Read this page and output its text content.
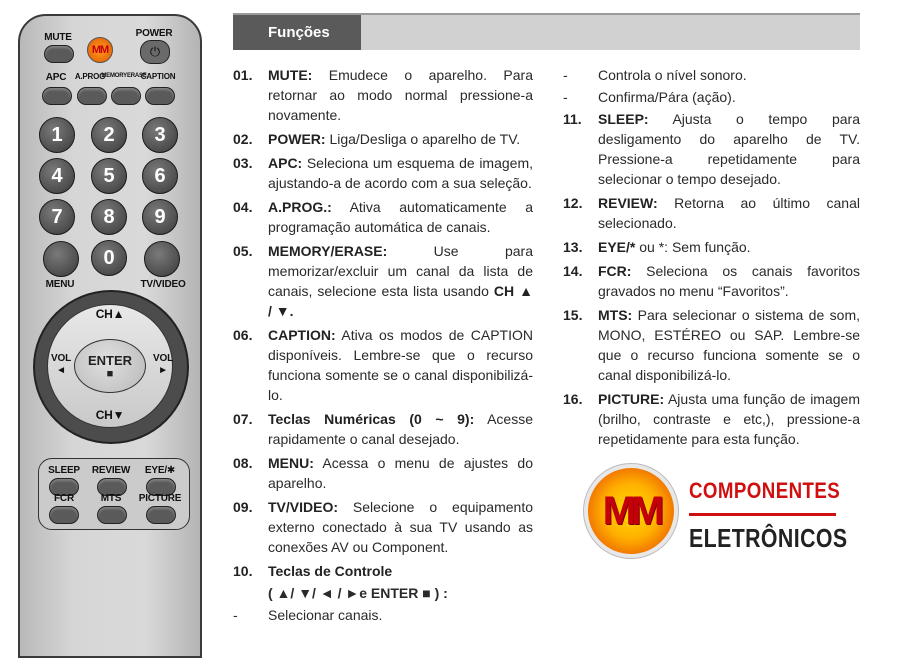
MUTE	POWER
MM	⏻
APC A.PROG
MEMORYERASE
CAPTION
1	2	3
4	5	6
7	8	9
0
MENU	TV/VIDEO
CH▲
CH▼
VOL
◄
VOL
►
ENTER
■
SLEEP REVIEW EYE/✱
FCR	MTS PICTURE
Funções
01.	MUTE: Emudece o aparelho. Para retornar ao modo normal pressione-a novamente.
02.	POWER: Liga/Desliga o aparelho de TV.
03.	APC: Seleciona um esquema de imagem, ajustando-a de acordo com a sua seleção.
04.	A.PROG.: Ativa automaticamente a programação automática de canais.
05.	MEMORY/ERASE: Use para memorizar/excluir um canal da lista de canais, selecione esta lista usando CH ▲ / ▼.
06.	CAPTION: Ativa os modos de CAPTION disponíveis. Lembre-se que o recurso funciona somente se o canal disponibilizá-lo.
07.	Teclas Numéricas (0 ~ 9): Acesse rapidamente o canal desejado.
08.	MENU: Acessa o menu de ajustes do aparelho.
09.	TV/VIDEO: Selecione o equipamento externo conectado à sua TV usando as conexões AV ou Component.
10.	Teclas de Controle
( ▲/ ▼/ ◄ / ►e ENTER ■ ) :
-	Selecionar canais.
-	Controla o nível sonoro.
-	Confirma/Pára (ação).
11.	SLEEP: Ajusta o tempo para desligamento do aparelho de TV. Pressione-a repetidamente para selecionar o tempo desejado.
12.	REVIEW: Retorna ao último canal selecionado.
13.	EYE/* ou *: Sem função.
14.	FCR: Seleciona os canais favoritos gravados no menu “Favoritos”.
15.	MTS: Para selecionar o sistema de som, MONO, ESTÉREO ou SAP. Lembre-se que o recurso funciona somente se o canal disponibilizá-lo.
16.	PICTURE: Ajusta uma função de imagem (brilho, contraste e etc,), pressione-a repetidamente para esta função.
MM COMPONENTES
ELETRÔNICOS
